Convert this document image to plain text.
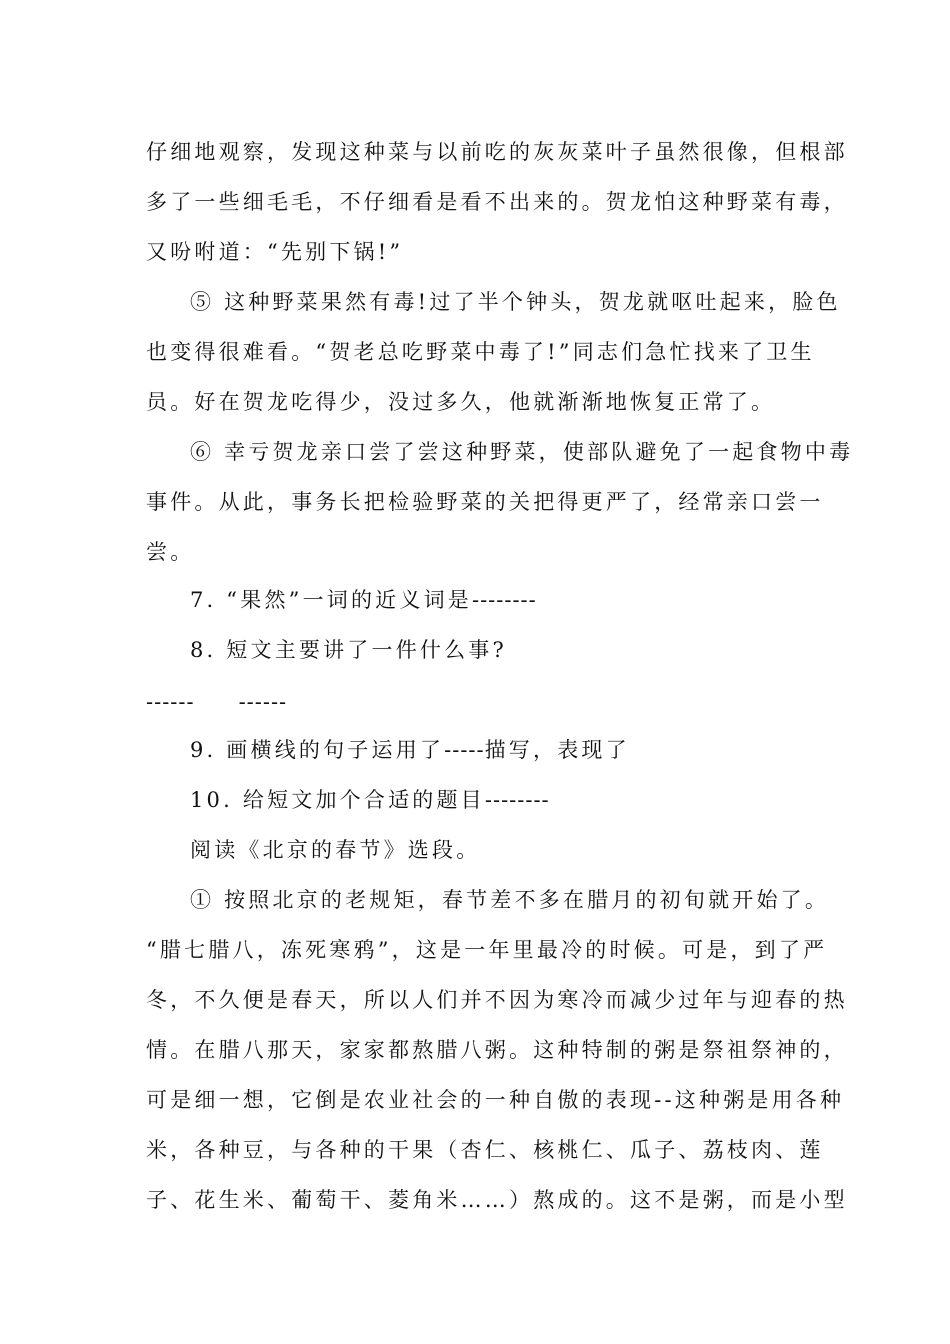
仔细地观察，发现这种菜与以前吃的灰灰菜叶子虽然很像，但根部
多了一些细毛毛，不仔细看是看不出来的。贺龙怕这种野菜有毒，
又吩咐道：“先别下锅!”
⑤ 这种野菜果然有毒!过了半个钟头，贺龙就呕吐起来，脸色
也变得很难看。“贺老总吃野菜中毒了!”同志们急忙找来了卫生
员。好在贺龙吃得少，没过多久，他就渐渐地恢复正常了。
⑥ 幸亏贺龙亲口尝了尝这种野菜，使部队避免了一起食物中毒
事件。从此，事务长把检验野菜的关把得更严了，经常亲口尝一
尝。
7. “果然”一词的近义词是--------
8. 短文主要讲了一件什么事?
------ ------
9. 画横线的句子运用了-----描写，表现了
10. 给短文加个合适的题目--------
阅读《北京的春节》选段。
① 按照北京的老规矩，春节差不多在腊月的初旬就开始了。
“腊七腊八，冻死寒鸦”，这是一年里最冷的时候。可是，到了严
冬，不久便是春天，所以人们并不因为寒冷而减少过年与迎春的热
情。在腊八那天，家家都熬腊八粥。这种特制的粥是祭祖祭神的，
可是细一想，它倒是农业社会的一种自傲的表现--这种粥是用各种
米，各种豆，与各种的干果（杏仁、核桃仁、瓜子、荔枝肉、莲
子、花生米、葡萄干、菱角米……）熬成的。这不是粥，而是小型
